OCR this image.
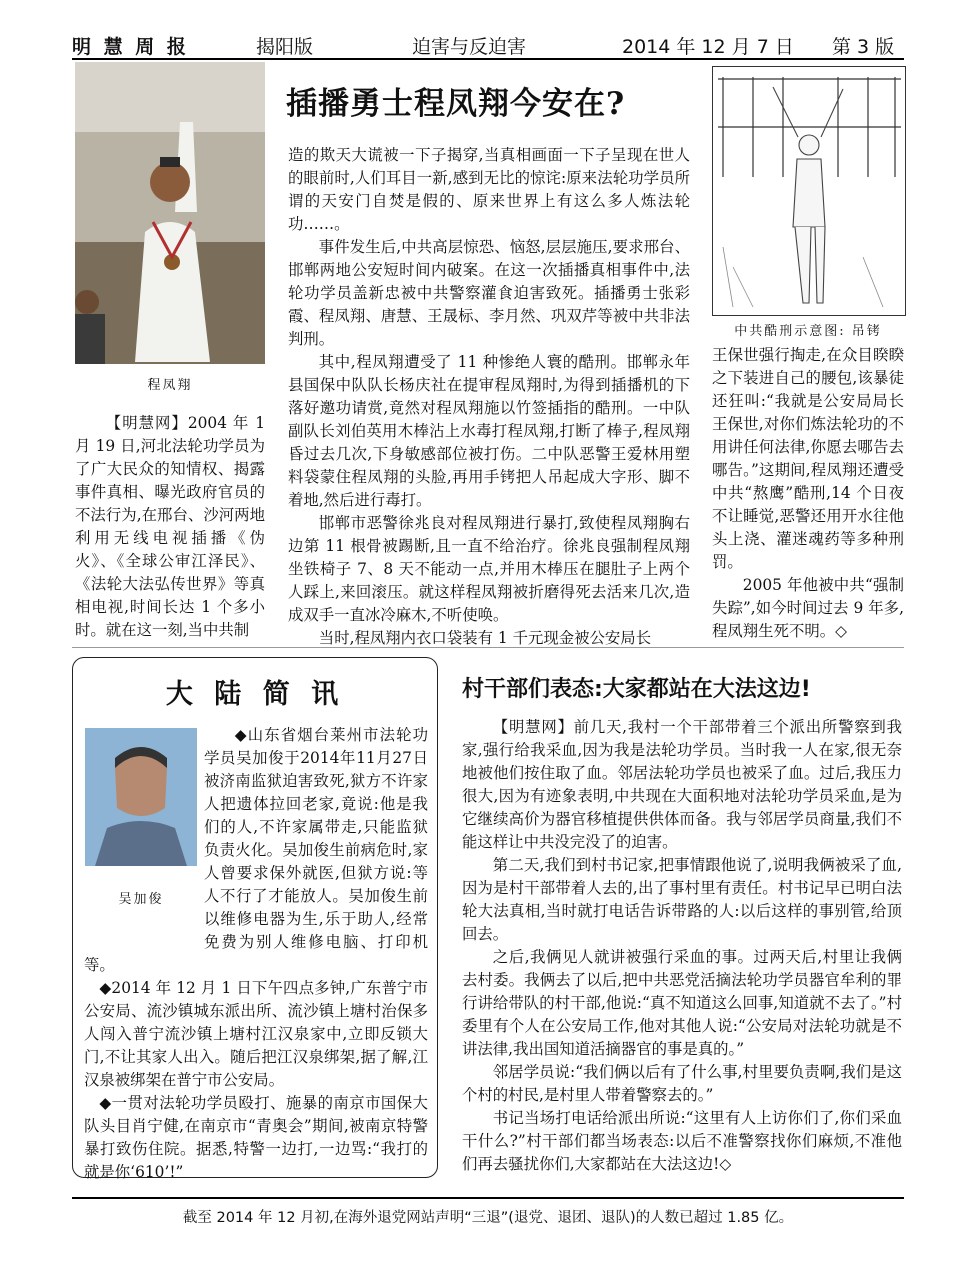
明 慧 周 报	揭阳版	迫害与反迫害	2014 年 12 月 7 日 第 3 版
程凤翔
插播勇士程凤翔今安在?

【明慧网】2004 年 1 月 19 日,河北法轮功学员为了广大民众的知情权、揭露事件真相、曝光政府官员的不法行为,在邢台、沙河两地利用无线电视插播《伪火》、《全球公审江泽民》、《法轮大法弘传世界》等真相电视,时间长达 1 个多小时。就在这一刻,当中共制

造的欺天大谎被一下子揭穿,当真相画面一下子呈现在世人的眼前时,人们耳目一新,感到无比的惊诧:原来法轮功学员所谓的天安门自焚是假的、原来世界上有这么多人炼法轮功……。

事件发生后,中共高层惊恐、恼怒,层层施压,要求邢台、邯郸两地公安短时间内破案。在这一次插播真相事件中,法轮功学员盖新忠被中共警察灌食迫害致死。插播勇士张彩霞、程凤翔、唐慧、王晟标、李月然、巩双芹等被中共非法判刑。

其中,程凤翔遭受了 11 种惨绝人寰的酷刑。邯郸永年县国保中队队长杨庆社在提审程凤翔时,为得到插播机的下落好邀功请赏,竟然对程凤翔施以竹签插指的酷刑。一中队副队长刘伯英用木棒沾上水毒打程凤翔,打断了棒子,程凤翔昏过去几次,下身敏感部位被打伤。二中队恶警王爱林用塑料袋蒙住程凤翔的头脸,再用手铐把人吊起成大字形、脚不着地,然后进行毒打。

邯郸市恶警徐兆良对程凤翔进行暴打,致使程凤翔胸右边第 11 根骨被踢断,且一直不给治疗。徐兆良强制程凤翔坐铁椅子 7、8 天不能动一点,并用木棒压在腿肚子上两个人踩上,来回滚压。就这样程凤翔被折磨得死去活来几次,造成双手一直冰冷麻木,不听使唤。

当时,程凤翔内衣口袋装有 1 千元现金被公安局长

中共酷刑示意图: 吊铐

王保世强行掏走,在众目睽睽之下装进自己的腰包,该暴徒还狂叫:“我就是公安局局长王保世,对你们炼法轮功的不用讲任何法律,你愿去哪告去哪告。”这期间,程凤翔还遭受中共“熬鹰”酷刑,14 个日夜不让睡觉,恶警还用开水往他头上浇、灌迷魂药等多种刑罚。

2005 年他被中共“强制失踪”,如今时间过去 9 年多,程凤翔生死不明。◇

大 陆 简 讯
吴加俊

◆山东省烟台莱州市法轮功学员吴加俊于2014年11月27日被济南监狱迫害致死,狱方不许家人把遗体拉回老家,竟说:他是我们的人,不许家属带走,只能监狱负责火化。吴加俊生前病危时,家人曾要求保外就医,但狱方说:等人不行了才能放人。吴加俊生前以维修电器为生,乐于助人,经常免费为别人维修电脑、打印机等。

◆2014 年 12 月 1 日下午四点多钟,广东普宁市公安局、流沙镇城东派出所、流沙镇上塘村治保多人闯入普宁流沙镇上塘村江汉泉家中,立即反锁大门,不让其家人出入。随后把江汉泉绑架,据了解,江汉泉被绑架在普宁市公安局。

◆一贯对法轮功学员殴打、施暴的南京市国保大队头目肖宁健,在南京市“青奥会”期间,被南京特警暴打致伤住院。据悉,特警一边打,一边骂:“我打的就是你‘610’!”

村干部们表态:大家都站在大法这边!

【明慧网】前几天,我村一个干部带着三个派出所警察到我家,强行给我采血,因为我是法轮功学员。当时我一人在家,很无奈地被他们按住取了血。邻居法轮功学员也被采了血。过后,我压力很大,因为有迹象表明,中共现在大面积地对法轮功学员采血,是为它继续高价为器官移植提供供体而备。我与邻居学员商量,我们不能这样让中共没完没了的迫害。

第二天,我们到村书记家,把事情跟他说了,说明我俩被采了血,因为是村干部带着人去的,出了事村里有责任。村书记早已明白法轮大法真相,当时就打电话告诉带路的人:以后这样的事别管,给顶回去。

之后,我俩见人就讲被强行采血的事。过两天后,村里让我俩去村委。我俩去了以后,把中共恶党活摘法轮功学员器官牟利的罪行讲给带队的村干部,他说:“真不知道这么回事,知道就不去了。”村委里有个人在公安局工作,他对其他人说:“公安局对法轮功就是不讲法律,我出国知道活摘器官的事是真的。”

邻居学员说:“我们俩以后有了什么事,村里要负责啊,我们是这个村的村民,是村里人带着警察去的。”

书记当场打电话给派出所说:“这里有人上访你们了,你们采血干什么?”村干部们都当场表态:以后不准警察找你们麻烦,不准他们再去骚扰你们,大家都站在大法这边!◇

截至 2014 年 12 月初,在海外退党网站声明“三退”(退党、退团、退队)的人数已超过 1.85 亿。
